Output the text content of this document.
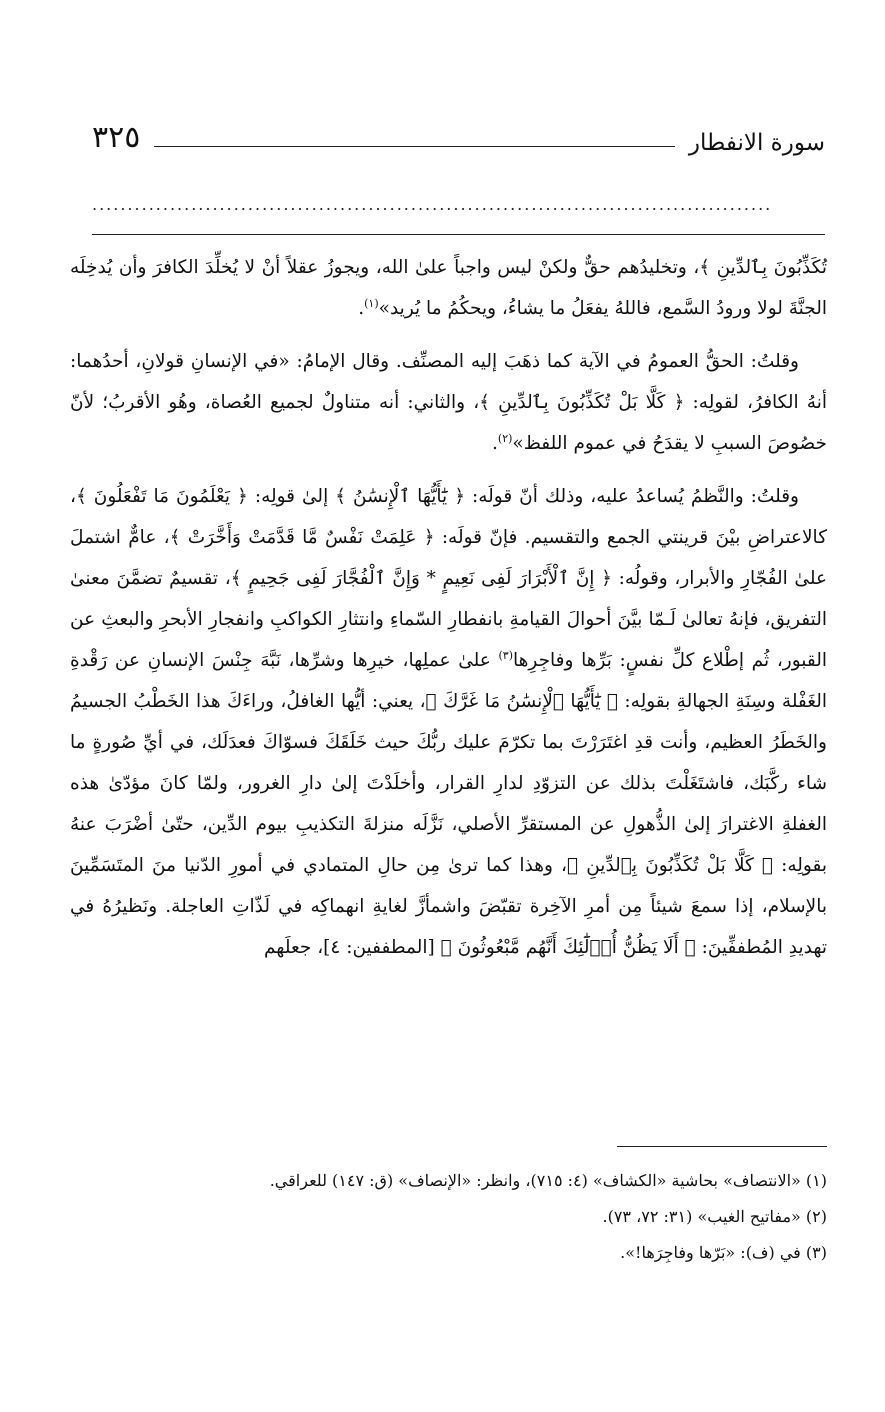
٣٢٥	سورة الانفطار
................................................................................................

تُكَذِّبُونَ بِٱلدِّينِ ﴾، وتخليدُهم حقٌّ ولكنْ ليس واجباً علىٰ الله، ويجوزُ عقلاً أنْ لا يُخلِّدَ الكافرَ وأن يُدخِلَه الجنَّةَ لولا ورودُ السَّمع، فاللهُ يفعَلُ ما يشاءُ، ويحكُمُ ما يُريد»$^{(١)}$.

وقلتُ: الحقُّ العمومُ في الآية كما ذهَبَ إليه المصنِّف. وقال الإمامُ: «في الإنسانِ قولانِ، أحدُهما: أنهُ الكافرُ، لقولِه: ﴿ كَلَّا بَلْ تُكَذِّبُونَ بِٱلدِّينِ ﴾، والثاني: أنه متناولٌ لجميع العُصاة، وهُو الأقربُ؛ لأنّ خصُوصَ السببِ لا يقدَحُ في عموم اللفظ»$^{(٢)}$.

وقلتُ: والنَّظمُ يُساعدُ عليه، وذلك أنّ قولَه: ﴿ يَٰٓأَيُّهَا ٱلْإِنسَٰنُ ﴾ إلىٰ قولِه: ﴿ يَعْلَمُونَ مَا تَفْعَلُونَ ﴾، كالاعتراضِ بيْنَ قرينتي الجمع والتقسيم. فإنّ قولَه: ﴿ عَلِمَتْ نَفْسٌ مَّا قَدَّمَتْ وَأَخَّرَتْ ﴾، عامٌّ اشتملَ علىٰ الفُجّارِ والأبرار، وقولُه: ﴿ إِنَّ ٱلْأَبْرَارَ لَفِى نَعِيمٍ * وَإِنَّ ٱلْفُجَّارَ لَفِى جَحِيمٍ ﴾، تقسيمٌ تضمَّنَ معنىٰ التفريق، فإنهُ تعالىٰ لَـمّا بيَّنَ أحوالَ القيامةِ بانفطارِ السّماءِ وانتثارِ الكواكبِ وانفجارِ الأبحرِ والبعثِ عن القبور، ثُم إطْلاع كلِّ نفسٍ: بَرِّها وفاجِرِها$^{(٣)}$ علىٰ عملِها، خيرِها وشرِّها، نَبَّهَ جِنْسَ الإنسانِ عن رَقْدةِ الغَفْلة وسِنَةِ الجهالةِ بقولِه: ﴿ يَٰٓأَيُّهَا ٱلْإِنسَٰنُ مَا غَرَّكَ ﴾، يعني: أيُّها الغافلُ، وراءَكَ هذا الخَطْبُ الجسيمُ والخَطَرُ العظيم، وأنت قدِ اغتَرَرْتَ بما تكرّمَ عليك ربُّكَ حيث خَلَقَكَ فسوّاكَ فعدَلَك، في أيِّ صُورةٍ ما شاء ركَّبَك، فاشتَغَلْتَ بذلك عن التزوّدِ لدارِ القرار، وأخلَدْتَ إلىٰ دارِ الغرور، ولمّا كانَ مؤدّىٰ هذه الغفلةِ الاغترارَ إلىٰ الذُّهولِ عن المستقرِّ الأصلي، نَزَّلَه منزلةَ التكذيبِ بيوم الدِّين، حتّىٰ أضْرَبَ عنهُ بقولِه: ﴿ كَلَّا بَلْ تُكَذِّبُونَ بِٱلدِّينِ ﴾، وهذا كما ترىٰ مِن حالِ المتمادي في أمورِ الدّنيا منَ المتَسَمِّينَ بالإسلام، إذا سمعَ شيئاً مِن أمرِ الآخِرة تقبّضَ واشمأزَّ لغايةِ انهماكِه في لَذّاتِ العاجلة. ونَظيرُهُ في تهديدِ المُطففِّينَ: ﴿ أَلَا يَظُنُّ أُو۟لَٰٓئِكَ أَنَّهُم مَّبْعُوثُونَ ﴾ [المطففين: ٤]، جعلَهم

(١) «الانتصاف» بحاشية «الكشاف» (٤: ٧١٥)، وانظر: «الإنصاف» (ق: ١٤٧) للعراقي.
(٢) «مفاتيح الغيب» (٣١: ٧٢، ٧٣).
(٣) في (ف): «بَرّها وفاجِرَها!».
